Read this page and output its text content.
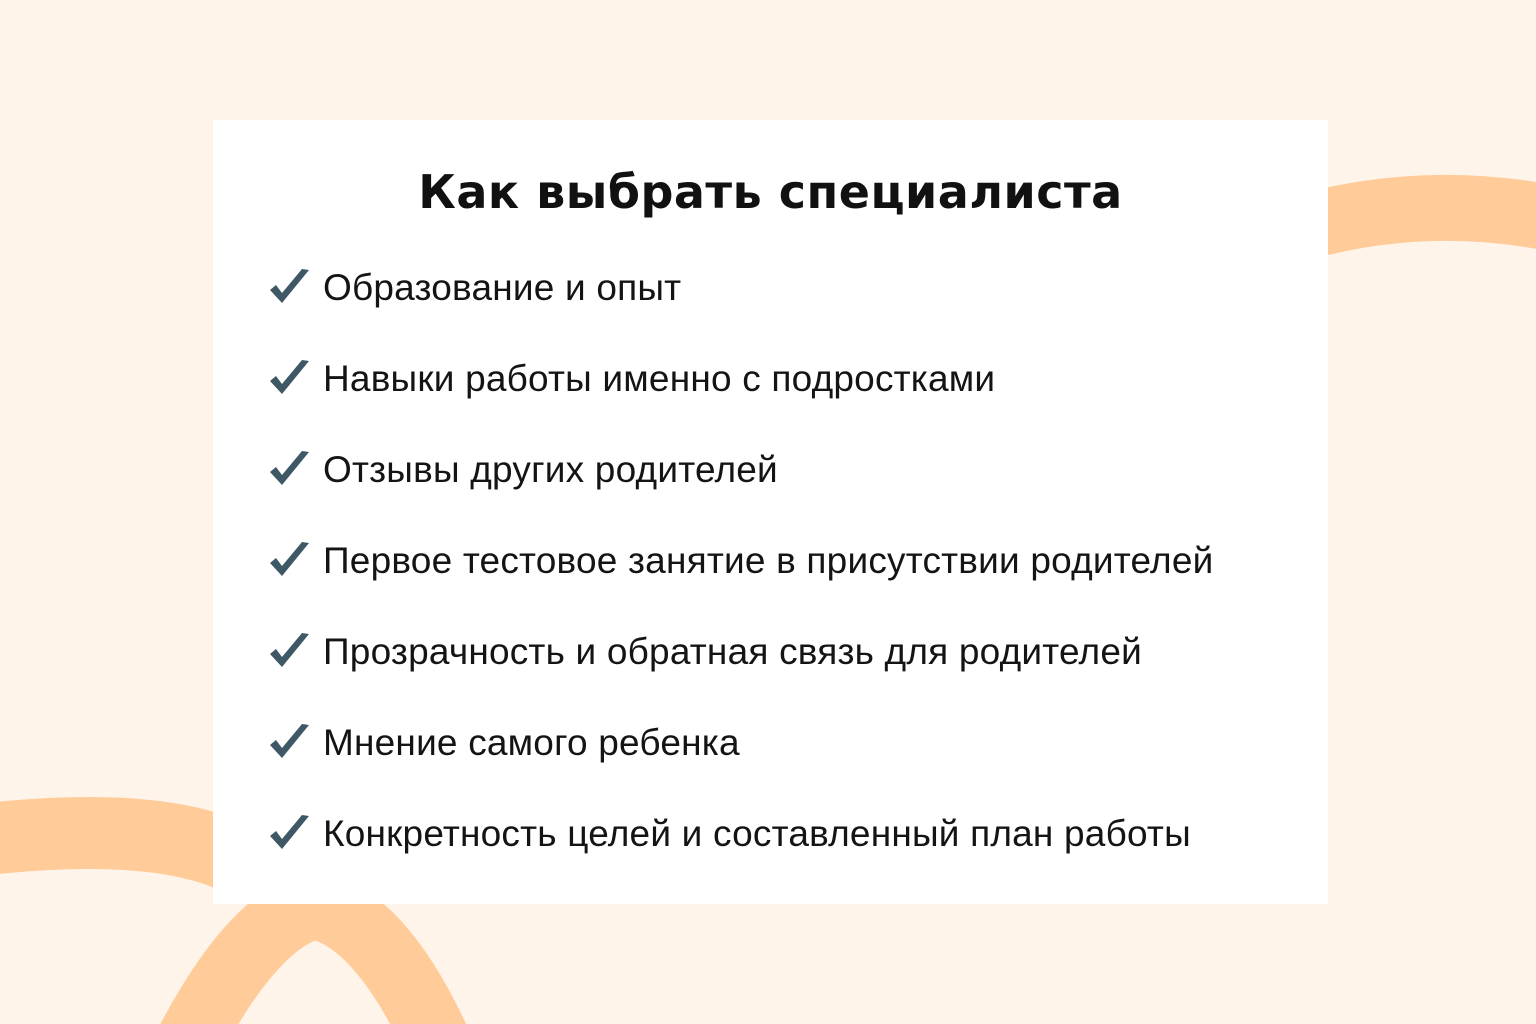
Как выбрать специалиста
Образование и опыт
Навыки работы именно с подростками
Отзывы других родителей
Первое тестовое занятие в присутствии родителей
Прозрачность и обратная связь для родителей
Мнение самого ребенка
Конкретность целей и составленный план работы
